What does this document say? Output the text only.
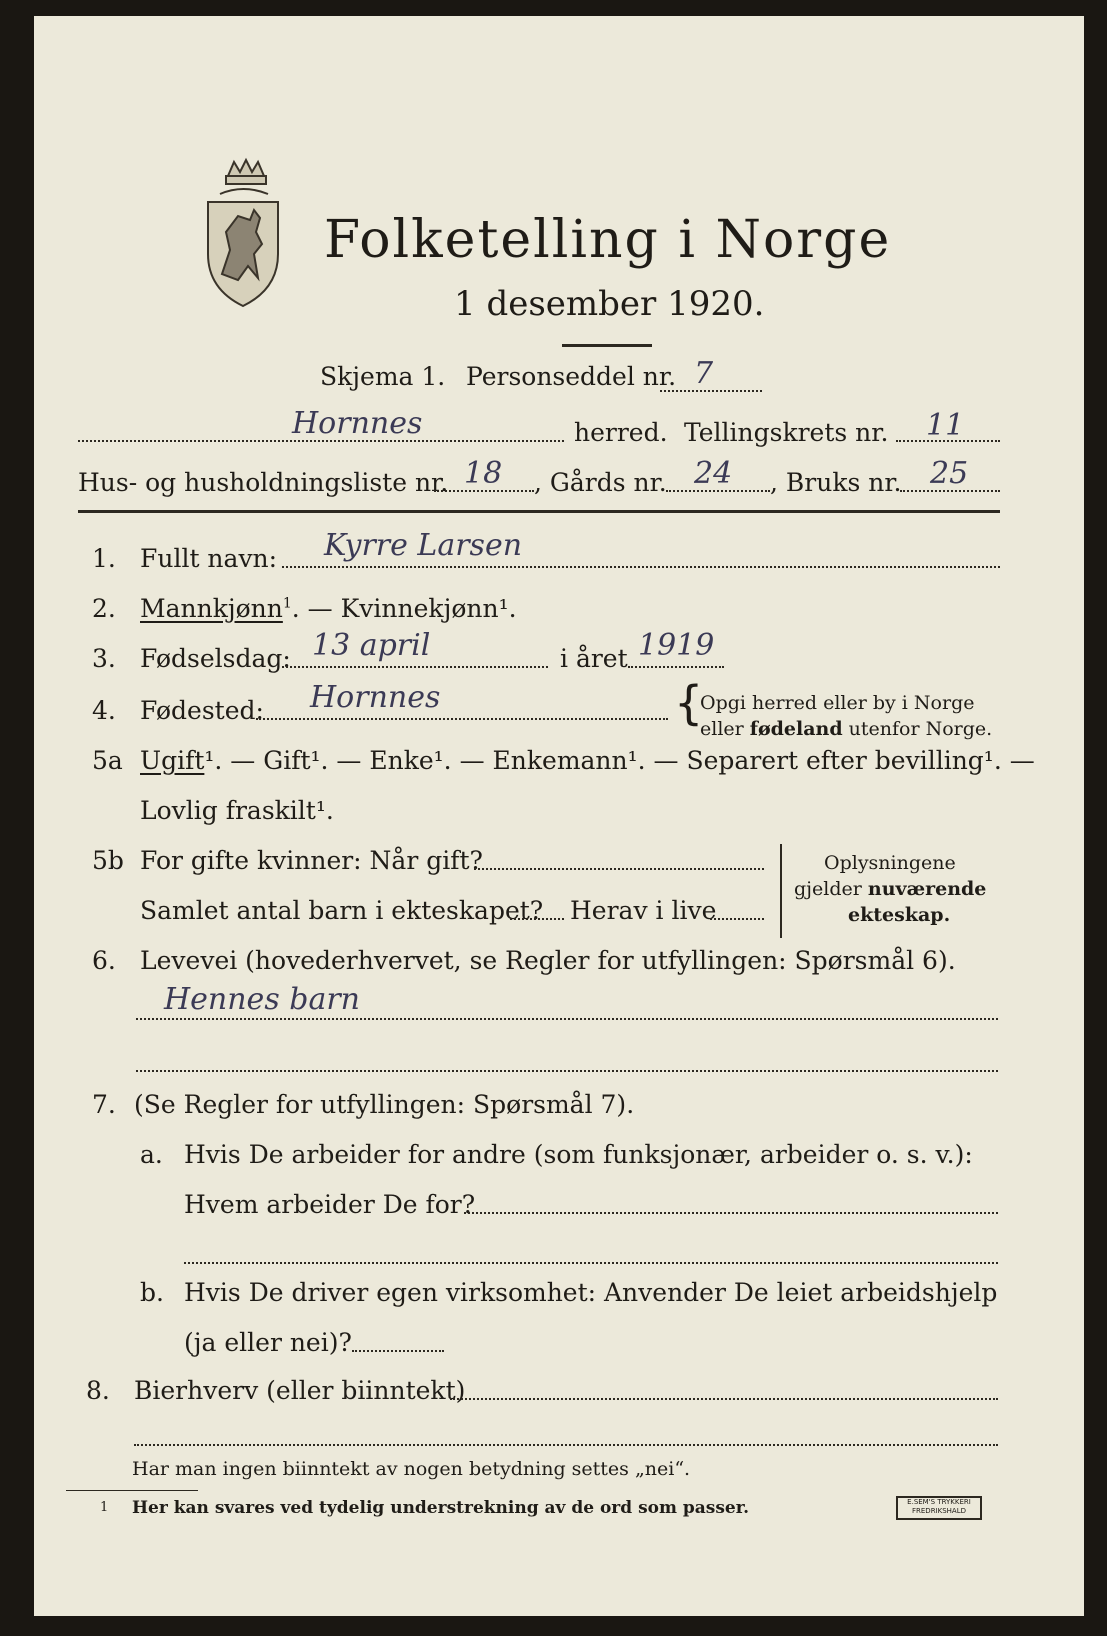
Folketelling i Norge
1 desember 1920.
Skjema 1. Personseddel nr. 7
Hornnes	herred. Tellingskrets nr. 11
Hus- og husholdningsliste nr. 18 , Gårds nr. 24 , Bruks nr. 25
1. Fullt navn: Kyrre Larsen
2. Mannkjønn$^1$. — Kvinnekjønn¹.
3. Fødselsdag: 13 april	i året 1919
4. Fødested: Hornnes	{
Opgi herred eller by i Norge
eller fødeland utenfor Norge.
5a Ugift¹. — Gift¹. — Enke¹. — Enkemann¹. — Separert efter bevilling¹. —
Lovlig fraskilt¹.
5b For gifte kvinner: Når gift?
Samlet antal barn i ekteskapet? Herav i live
Oplysningene
gjelder nuværende
ekteskap.
6. Levevei (hovederhvervet, se Regler for utfyllingen: Spørsmål 6).
Hennes barn
7. (Se Regler for utfyllingen: Spørsmål 7).
a. Hvis De arbeider for andre (som funksjonær, arbeider o. s. v.):
Hvem arbeider De for?
b. Hvis De driver egen virksomhet: Anvender De leiet arbeidshjelp
(ja eller nei)?
8. Bierhverv (eller biinntekt)
Har man ingen biinntekt av nogen betydning settes „nei“.
1 Her kan svares ved tydelig understrekning av de ord som passer.	E.SEM'S TRYKKERI FREDRIKSHALD
